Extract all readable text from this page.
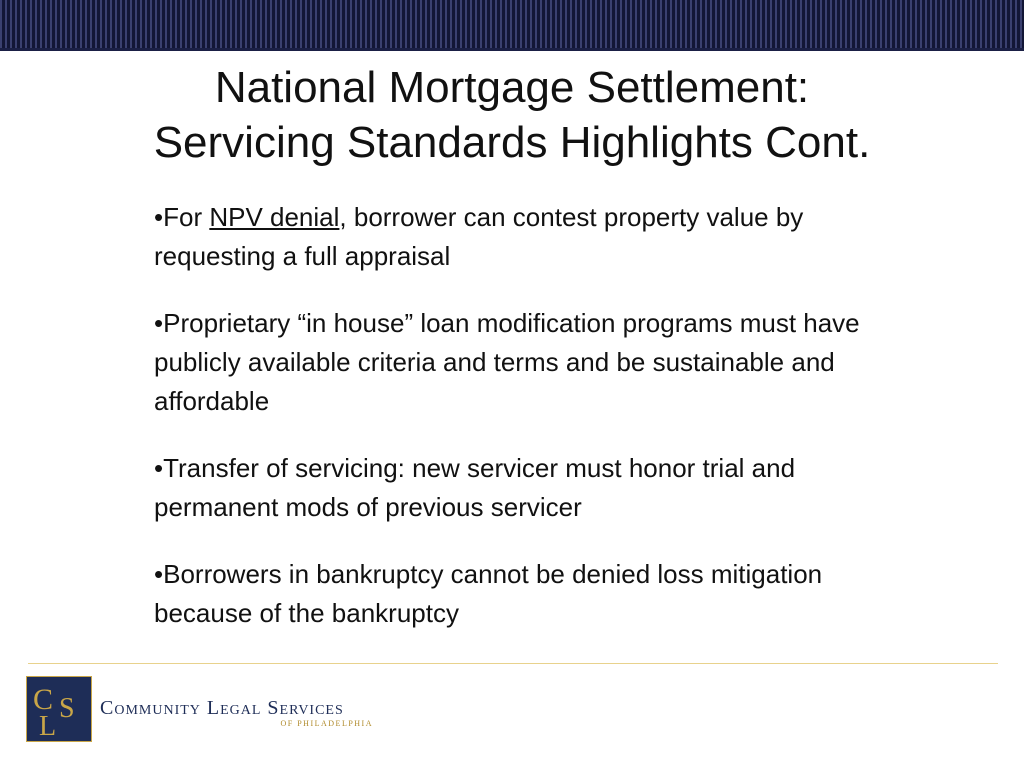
National Mortgage Settlement:
Servicing Standards Highlights Cont.
•For NPV denial, borrower can contest property value by requesting a full appraisal
•Proprietary “in house” loan modification programs must have publicly available criteria and terms and be sustainable and affordable
•Transfer of servicing: new servicer must honor trial and permanent mods of previous servicer
•Borrowers in bankruptcy cannot be denied loss mitigation because of the bankruptcy
C S
L
Community Legal Services
OF PHILADELPHIA
